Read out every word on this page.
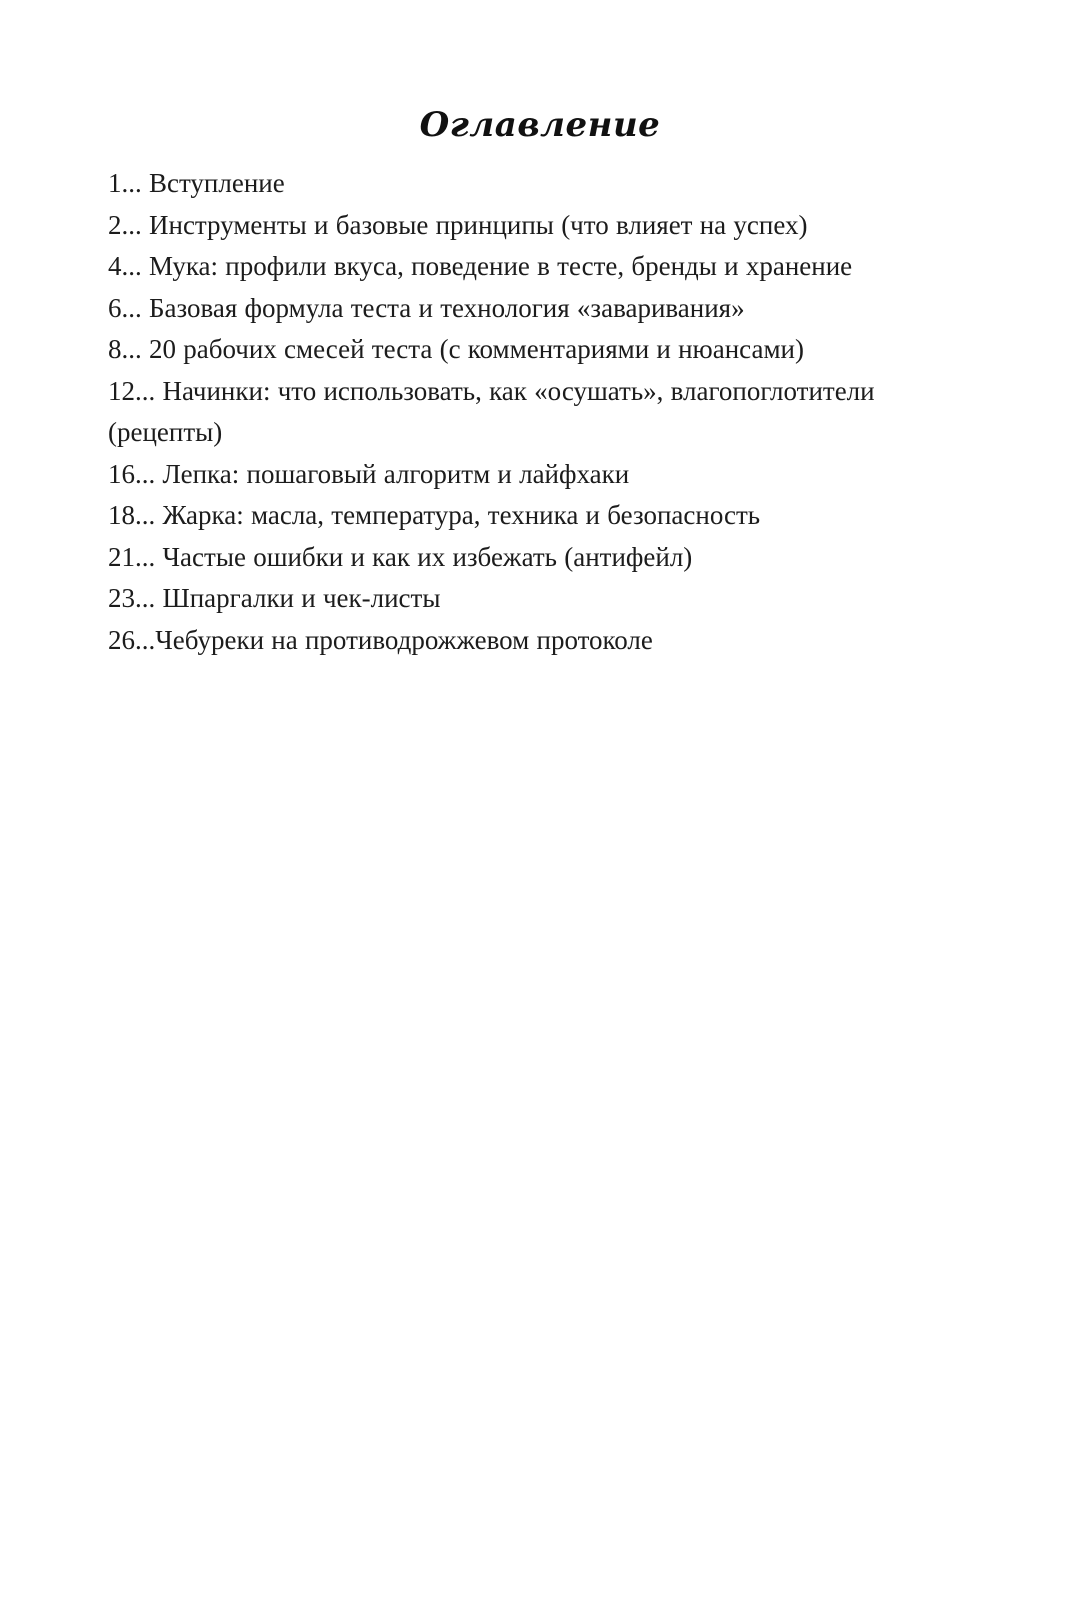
Оглавление
1... Вступление
2... Инструменты и базовые принципы (что влияет на успех)
4... Мука: профили вкуса, поведение в тесте, бренды и хранение
6... Базовая формула теста и технология «заваривания»
8... 20 рабочих смесей теста (с комментариями и нюансами)
12... Начинки: что использовать, как «осушать», влагопоглотители (рецепты)
16... Лепка: пошаговый алгоритм и лайфхаки
18... Жарка: масла, температура, техника и безопасность
21... Частые ошибки и как их избежать (антифейл)
23... Шпаргалки и чек-листы
26...Чебуреки на противодрожжевом протоколе
